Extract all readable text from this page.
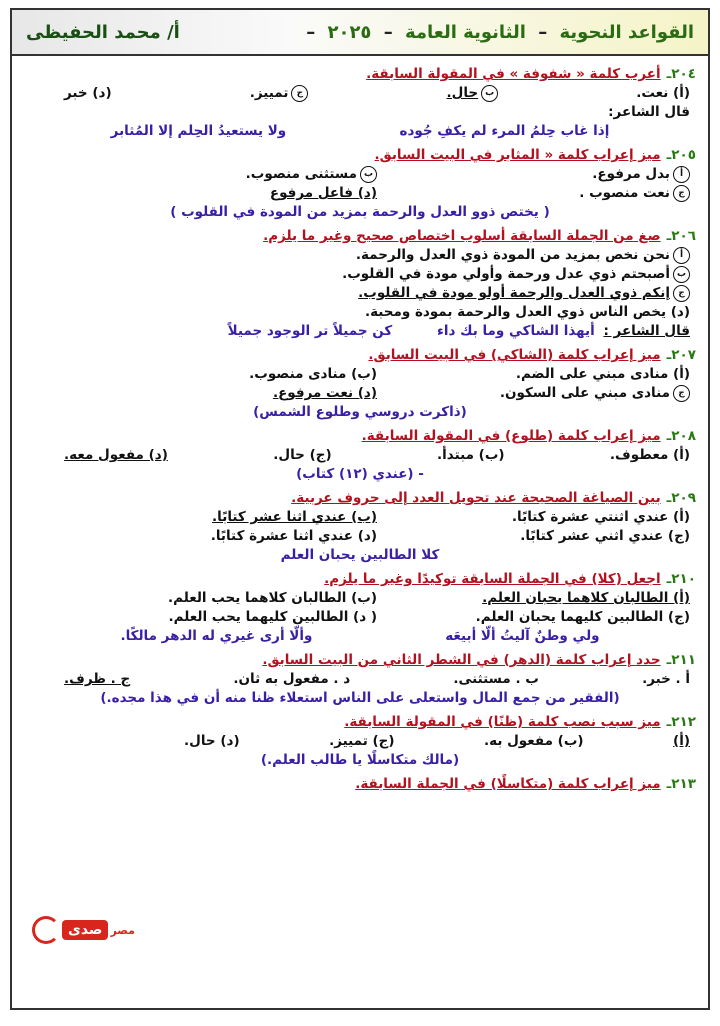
القواعد النحوية – الثانوية العامة – ٢٠٢٥ –
أ/ محمد الحفيظى
٢٠٤ـ
أعرب كلمة « شفوفة » في المقولة السابقة.
(أ) نعت.
بحال.
جتمييز.
(د) خبر
قال الشاعر:
إذا غاب حِلمُ المرء لم يكفِ جُوده
ولا يستعيدُ الحِلم إلا المُثابر
٢٠٥ـ
ميز إعراب كلمة « المثابر في البيت السابق.
أبدل مرفوع.
بمستثنى منصوب.
جنعت منصوب .
(د) فاعل مرفوع
( يختص ذوو العدل والرحمة بمزيد من المودة في القلوب )
٢٠٦ـ
صغ من الجملة السابقة أسلوب اختصاص صحيح وغير ما يلزم.
أنحن نخص بمزيد من المودة ذوي العدل والرحمة.
بأصبحتم ذوي عدل ورحمة وأولي مودة في القلوب.
جإنكم ذوي العدل والرحمة أولو مودة في القلوب.
(د) يخص الناس ذوي العدل والرحمة بمودة ومحبة.
قال الشاعر : أيهذا الشاكي وما بك داء كن جميلاً تر الوجود جميلاً
٢٠٧ـ
ميز إعراب كلمة (الشاكي) في البيت السابق.
(أ) منادى مبني على الضم.
(ب) منادى منصوب.
جمنادى مبني على السكون.
(د) نعت مرفوع.
(ذاكرت دروسي وطلوع الشمس)
٢٠٨ـ
ميز إعراب كلمة (طلوع) في المقولة السابقة.
(أ) معطوف.
(ب) مبتدأ.
(ج) حال.
(د) مفعول معه.
- (عندي (١٢) كتاب)
٢٠٩ـ
بين الصياغة الصحيحة عند تحويل العدد إلى حروف عربية.
(أ) عندي اثنتي عشرة كتابًا.
(ب) عندي اثنا عشر كتابًا.
(ج) عندي اثني عشر كتابًا.
(د) عندي اثنا عشرة كتابًا.
كلا الطالبين يحبان العلم
٢١٠ـ
اجعل (كلا) في الجملة السابقة توكيدًا وغير ما يلزم.
(أ) الطالبان كلاهما يحبان العلم.
(ب) الطالبان كلاهما يحب العلم.
(ج) الطالبين كليهما يحبان العلم.
( د) الطالبين كليهما يحب العلم.
ولي وطنٌ آليتُ ألّا أبيعَه
وألّا أرى غيري له الدهر مالكًا.
٢١١ـ
حدد إعراب كلمة (الدهر) في الشطر الثاني من البيت السابق.
أ . خبر.
ب . مستثنى.
د . مفعول به ثان.
ج . ظرف.
(الفقير من جمع المال واستعلى على الناس استعلاء ظنا منه أن في هذا مجده.)
٢١٢ـ
ميز سبب نصب كلمة (ظنًا) في المقولة السابقة.
(أ)
(ب) مفعول به.
(ج) تمييز.
(د) حال.
(مالك متكاسلًا يا طالب العلم.)
٢١٣ـ
ميز إعراب كلمة (متكاسلًا) في الجملة السابقة.
مصر
صدى
